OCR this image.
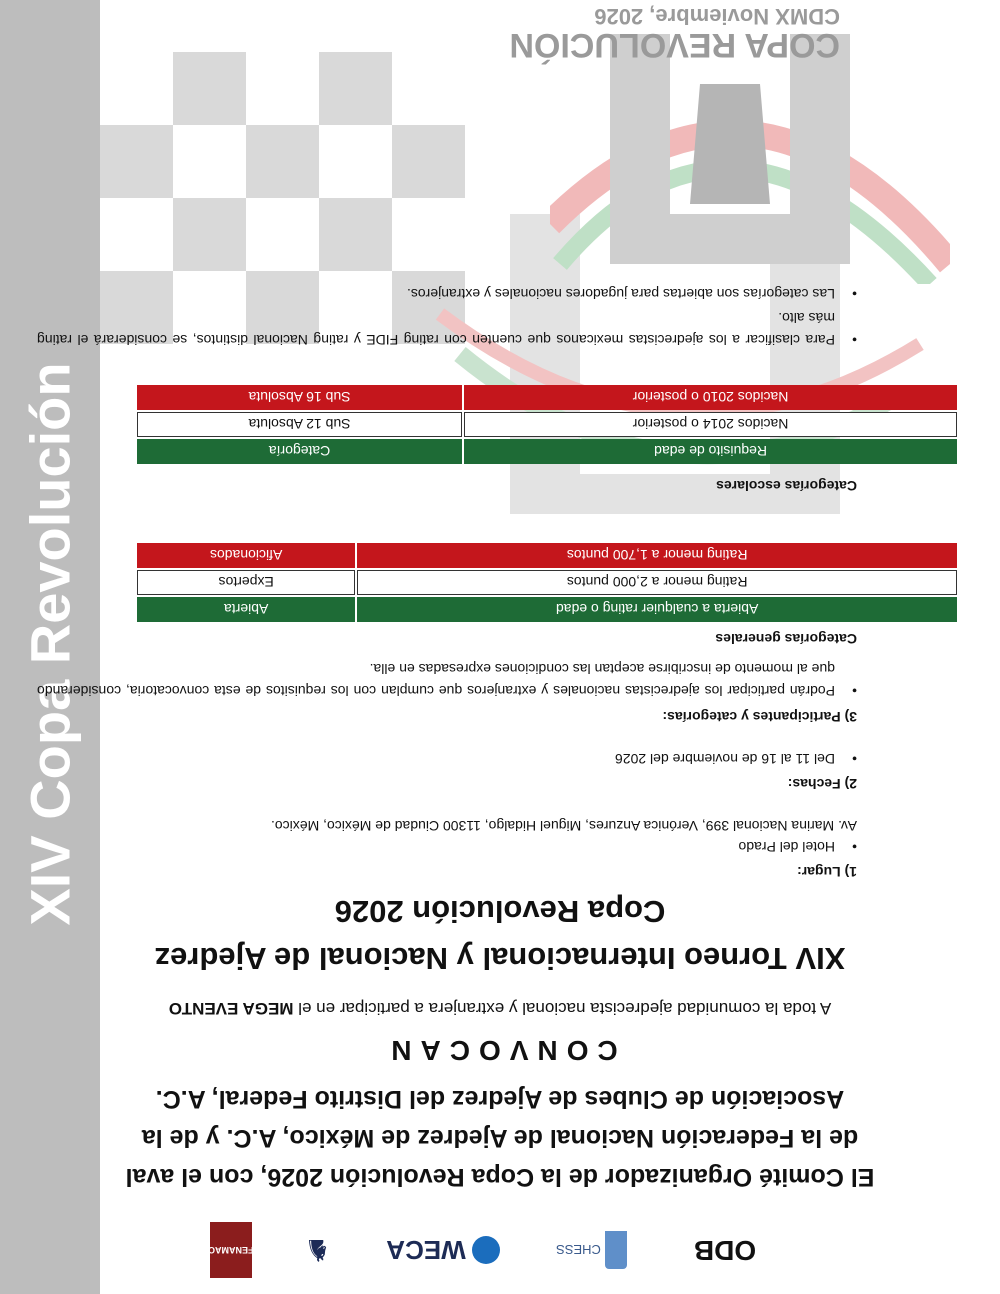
COPA REVOLUCIÓN
CDMX Noviembre, 2026
XIV Copa Revolución
ODB
CHESS
WECA
♞
FENAMAC
El Comité Organizador de la Copa Revolución 2026, con el aval
de la Federación Nacional de Ajedrez de México, A.C. y de la
Asociación de Clubes de Ajedrez del Distrito Federal, A.C.
CONVOCAN
A toda la comunidad ajedrecista nacional y extranjera a participar en el MEGA EVENTO
XIV Torneo Internacional y Nacional de Ajedrez
Copa Revolución 2026
1) Lugar:
• Hotel del Prado
Av. Marina Nacional 399, Verónica Anzures, Miguel Hidalgo, 11300 Ciudad de México, México.
2) Fechas:
• Del 11 al 16 de noviembre del 2026
3) Participantes y categorías:
• Podrán participar los ajedrecistas nacionales y extranjeros que cumplan con los requisitos de esta convocatoria, considerando que al momento de inscribirse aceptan las condiciones expresadas en ella.
Categorías generales
Abierta a cualquier rating o edad	Abierta
Rating menor a 2,000 puntos	Expertos
Rating menor a 1,700 puntos	Aficionados
Categorías escolares
Requisito de edad	Categoría
Nacidos 2014 o posterior	Sub 12 Absoluta
Nacidos 2010 o posterior	Sub 16 Absoluta
• Para clasificar a los ajedrecistas mexicanos que cuenten con rating FIDE y rating Nacional distintos, se considerará el rating más alto.
• Las categorías son abiertas para jugadores nacionales y extranjeros.
